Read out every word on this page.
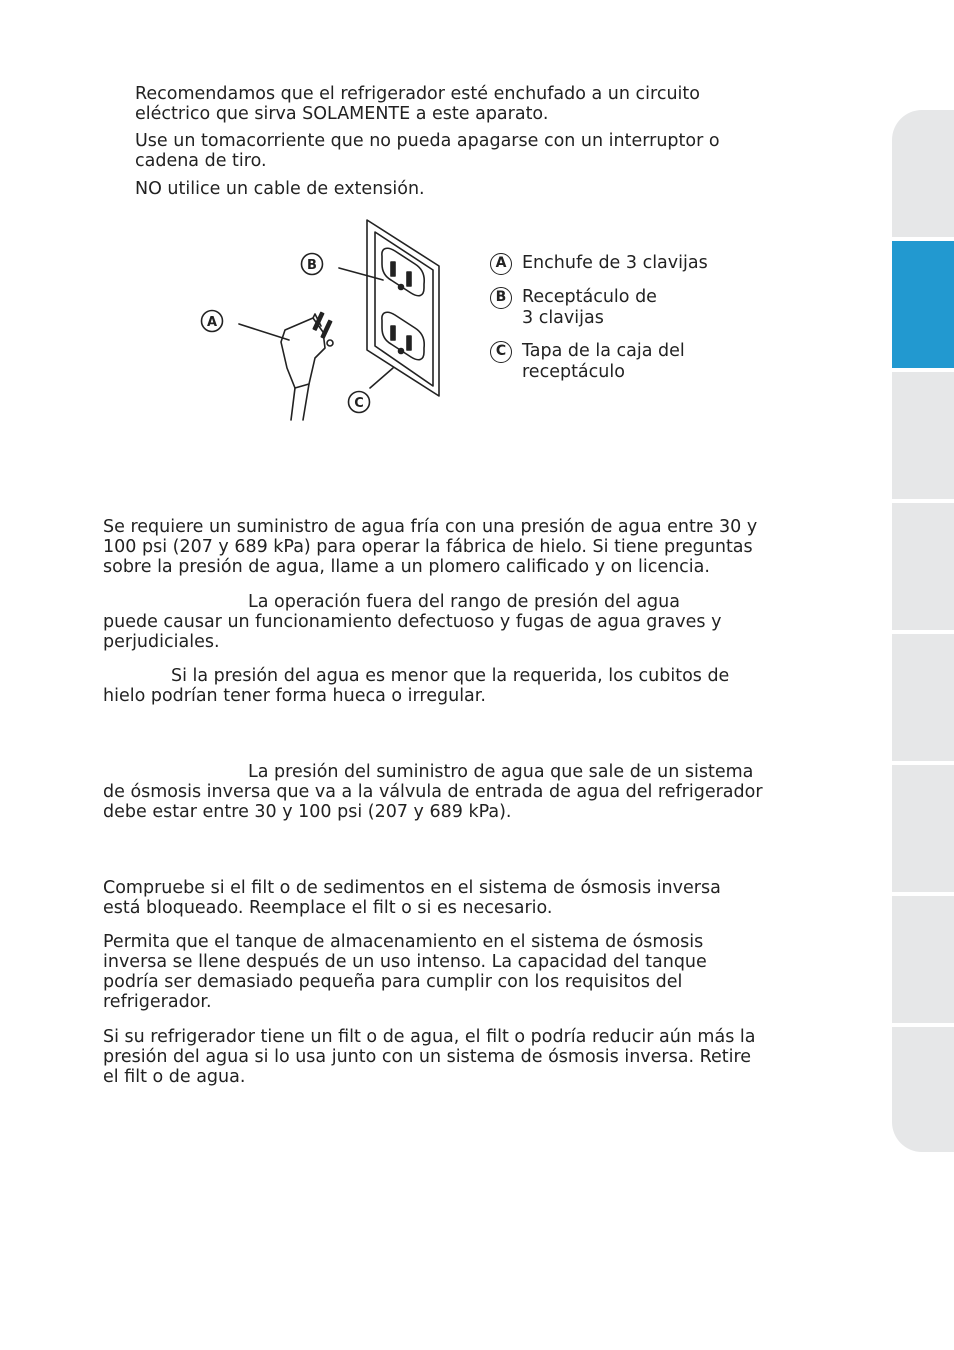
Recomendamos que el refrigerador esté enchufado a un circuito

eléctrico que sirva SOLAMENTE a este aparato.

Use un tomacorriente que no pueda apagarse con un interruptor o

cadena de tiro.

NO utilice un cable de extensión.

B
A
C
A Enchufe de 3 clavijas
B Receptáculo de
3 clavijas
C Tapa de la caja del
receptáculo

Se requiere un suministro de agua fría con una presión de agua entre 30 y

100 psi (207 y 689 kPa) para operar la fábrica de hielo. Si tiene preguntas

sobre la presión de agua, llame a un plomero calificado y on licencia.

La operación fuera del rango de presión del agua

puede causar un funcionamiento defectuoso y fugas de agua graves y

perjudiciales.

Si la presión del agua es menor que la requerida, los cubitos de

hielo podrían tener forma hueca o irregular.

La presión del suministro de agua que sale de un sistema

de ósmosis inversa que va a la válvula de entrada de agua del refrigerador

debe estar entre 30 y 100 psi (207 y 689 kPa).

Compruebe si el filt o de sedimentos en el sistema de ósmosis inversa

está bloqueado. Reemplace el filt o si es necesario.

Permita que el tanque de almacenamiento en el sistema de ósmosis

inversa se llene después de un uso intenso. La capacidad del tanque

podría ser demasiado pequeña para cumplir con los requisitos del

refrigerador.

Si su refrigerador tiene un filt o de agua, el filt o podría reducir aún más la

presión del agua si lo usa junto con un sistema de ósmosis inversa. Retire

el filt o de agua.
